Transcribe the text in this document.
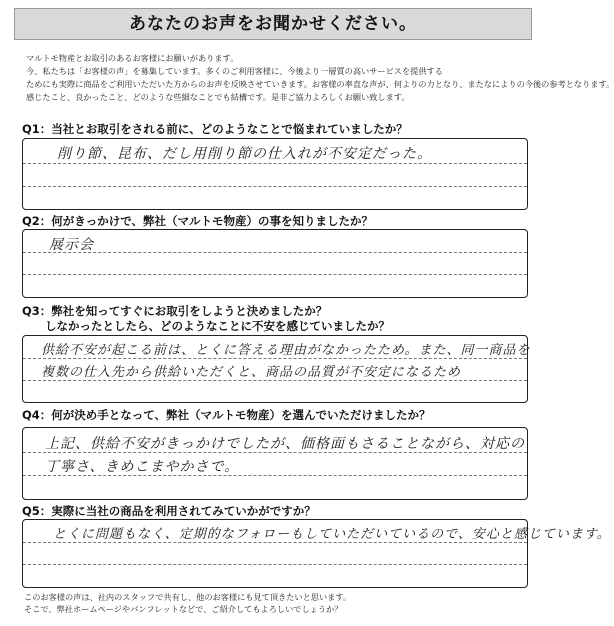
あなたのお声をお聞かせください。
マルトモ物産とお取引のあるお客様にお願いがあります。
今、私たちは「お客様の声」を募集しています。多くのご利用客様に、今後より一層質の高いサービスを提供する
ためにも実際に商品をご利用いただいた方からのお声を反映させていきます。お客様の率直な声が、何よりの力となり、またなによりの今後の参考となります。
感じたこと、良かったこと、どのような些細なことでも結構です。是非ご協力よろしくお願い致します。
Q1：当社とお取引をされる前に、どのようなことで悩まれていましたか？
削り節、昆布、だし用削り節の仕入れが不安定だった。
Q2：何がきっかけで、弊社（マルトモ物産）の事を知りましたか？
展示会
Q3：弊社を知ってすぐにお取引をしようと決めましたか？
　　しなかったとしたら、どのようなことに不安を感じていましたか？
供給不安が起こる前は、とくに答える理由がなかったため。また、同一商品を
複数の仕入先から供給いただくと、商品の品質が不安定になるため
Q4：何が決め手となって、弊社（マルトモ物産）を選んでいただけましたか？
上記、供給不安がきっかけでしたが、価格面もさることながら、対応の
丁寧さ、きめこまやかさで。
Q5：実際に当社の商品を利用されてみていかがですか？
とくに問題もなく、定期的なフォローもしていただいているので、安心と感じています。
このお客様の声は、社内のスタッフで共有し、他のお客様にも見て頂きたいと思います。
そこで、弊社ホームページやパンフレットなどで、ご紹介してもよろしいでしょうか？
